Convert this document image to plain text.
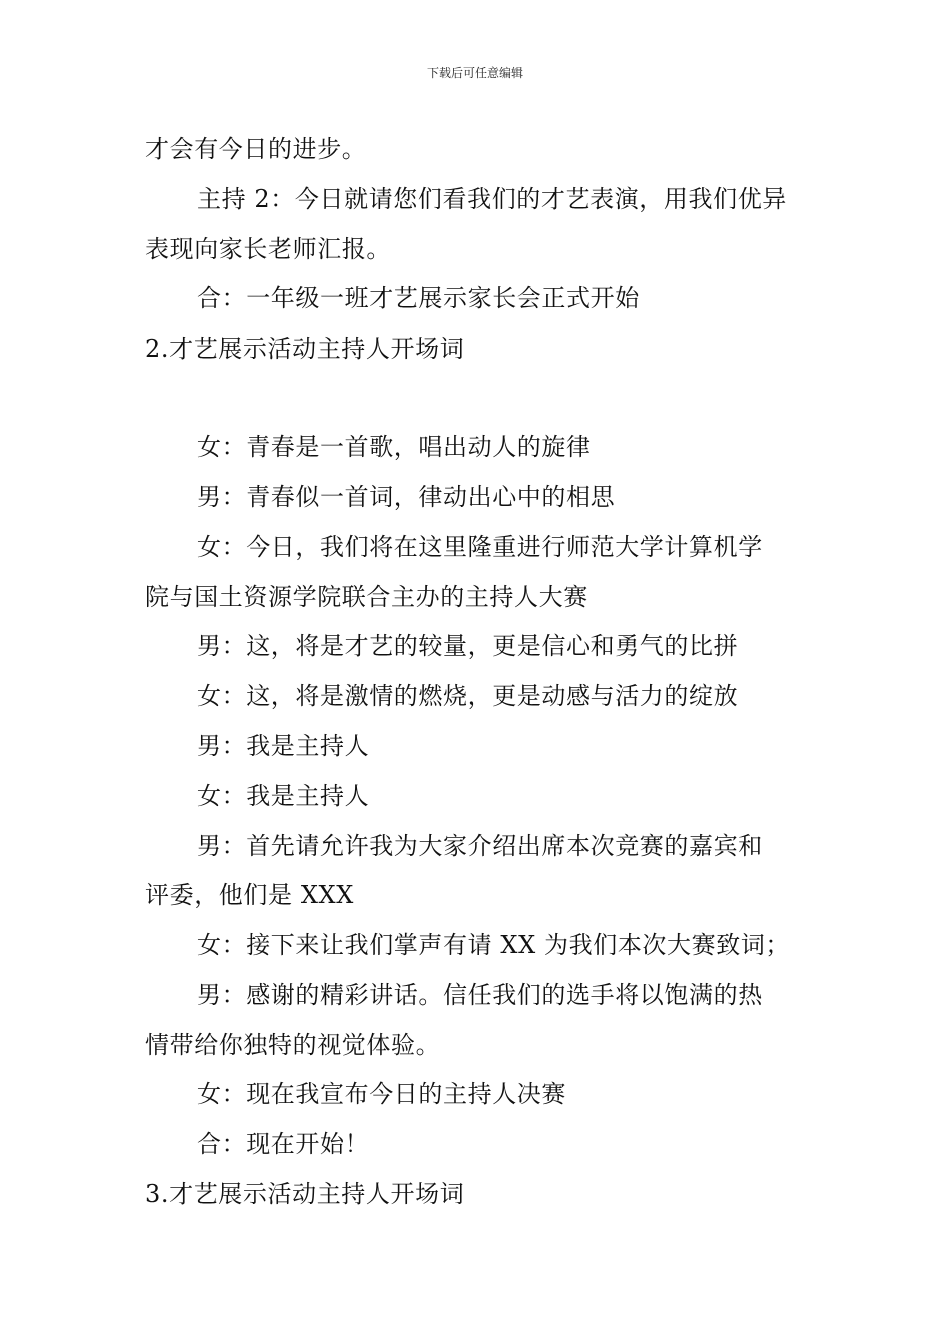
下载后可任意编辑
才会有今日的进步。
主持 2：今日就请您们看我们的才艺表演，用我们优异
表现向家长老师汇报。
合：一年级一班才艺展示家长会正式开始
2.才艺展示活动主持人开场词
女：青春是一首歌，唱出动人的旋律
男：青春似一首词，律动出心中的相思
女：今日，我们将在这里隆重进行师范大学计算机学
院与国土资源学院联合主办的主持人大赛
男：这，将是才艺的较量，更是信心和勇气的比拼
女：这，将是激情的燃烧，更是动感与活力的绽放
男：我是主持人
女：我是主持人
男：首先请允许我为大家介绍出席本次竞赛的嘉宾和
评委，他们是 XXX
女：接下来让我们掌声有请 XX 为我们本次大赛致词；
男：感谢的精彩讲话。信任我们的选手将以饱满的热
情带给你独特的视觉体验。
女：现在我宣布今日的主持人决赛
合：现在开始！
3.才艺展示活动主持人开场词
